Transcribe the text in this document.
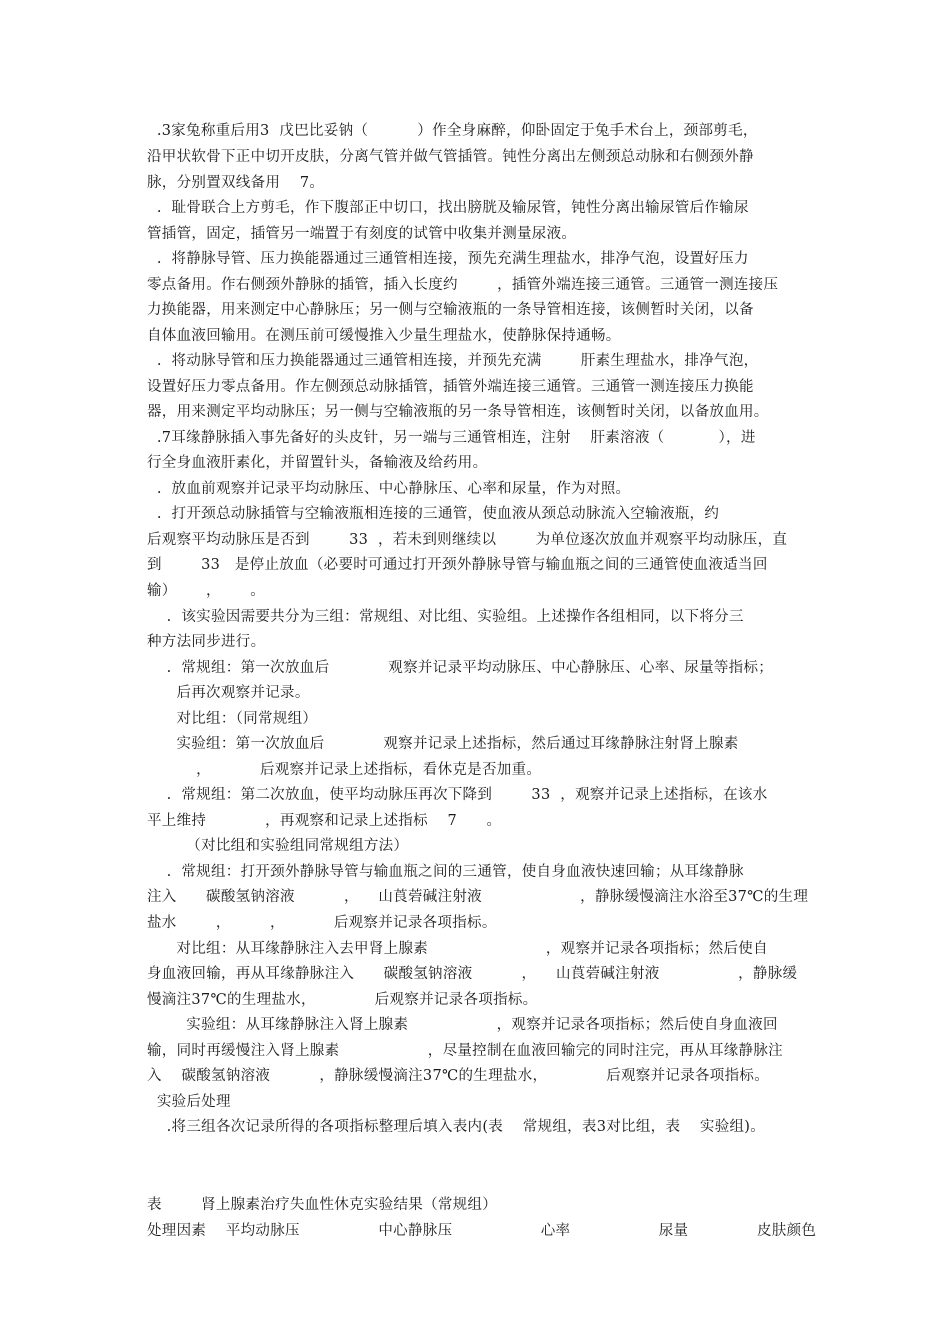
.3家兔称重后用3  戊巴比妥钠（          ）作全身麻醉，仰卧固定于兔手术台上，颈部剪毛，
沿甲状软骨下正中切开皮肤，分离气管并做气管插管。钝性分离出左侧颈总动脉和右侧颈外静
脉，分别置双线备用    7。
.  耻骨联合上方剪毛，作下腹部正中切口，找出膀胱及输尿管，钝性分离出输尿管后作输尿
管插管，固定，插管另一端置于有刻度的试管中收集并测量尿液。
.  将静脉导管、压力换能器通过三通管相连接，预先充满生理盐水，排净气泡，设置好压力
零点备用。作右侧颈外静脉的插管，插入长度约        ，插管外端连接三通管。三通管一测连接压
力换能器，用来测定中心静脉压；另一侧与空输液瓶的一条导管相连接，该侧暂时关闭，以备
自体血液回输用。在测压前可缓慢推入少量生理盐水，使静脉保持通畅。
.  将动脉导管和压力换能器通过三通管相连接，并预先充满        肝素生理盐水，排净气泡，
设置好压力零点备用。作左侧颈总动脉插管，插管外端连接三通管。三通管一测连接压力换能
器，用来测定平均动脉压；另一侧与空输液瓶的另一条导管相连，该侧暂时关闭，以备放血用。
.7耳缘静脉插入事先备好的头皮针，另一端与三通管相连，注射    肝素溶液（           ），进
行全身血液肝素化，并留置针头，备输液及给药用。
.  放血前观察并记录平均动脉压、中心静脉压、心率和尿量，作为对照。
.  打开颈总动脉插管与空输液瓶相连接的三通管，使血液从颈总动脉流入空输液瓶，约
后观察平均动脉压是否到        33  ，若未到则继续以        为单位逐次放血并观察平均动脉压，直
到        33   是停止放血（必要时可通过打开颈外静脉导管与输血瓶之间的三通管使血液适当回
输）      ，      。
.  该实验因需要共分为三组：常规组、对比组、实验组。上述操作各组相同，以下将分三
种方法同步进行。
.  常规组：第一次放血后            观察并记录平均动脉压、中心静脉压、心率、尿量等指标；
后再次观察并记录。
对比组：（同常规组）
实验组：第一次放血后            观察并记录上述指标，然后通过耳缘静脉注射肾上腺素
，          后观察并记录上述指标，看休克是否加重。
.  常规组：第二次放血，使平均动脉压再次下降到        33  ，观察并记录上述指标，在该水
平上维持            ，再观察和记录上述指标    7      。
（对比组和实验组同常规组方法）
.  常规组：打开颈外静脉导管与输血瓶之间的三通管，使自身血液快速回输；从耳缘静脉
注入      碳酸氢钠溶液          ，    山莨菪碱注射液                    ，静脉缓慢滴注水浴至37℃的生理
盐水        ，        ，          后观察并记录各项指标。
对比组：从耳缘静脉注入去甲肾上腺素                        ，观察并记录各项指标；然后使自
身血液回输，再从耳缘静脉注入      碳酸氢钠溶液          ，    山莨菪碱注射液                ，静脉缓
慢滴注37℃的生理盐水，            后观察并记录各项指标。
实验组：从耳缘静脉注入肾上腺素                  ，观察并记录各项指标；然后使自身血液回
输，同时再缓慢注入肾上腺素                  ，尽量控制在血液回输完的同时注完，再从耳缘静脉注
入    碳酸氢钠溶液          ，静脉缓慢滴注37℃的生理盐水，            后观察并记录各项指标。
实验后处理
.将三组各次记录所得的各项指标整理后填入表内(表    常规组，表3对比组，表    实验组)。
表        肾上腺素治疗失血性休克实验结果（常规组）
处理因素    平均动脉压                中心静脉压                  心率                  尿量              皮肤颜色
